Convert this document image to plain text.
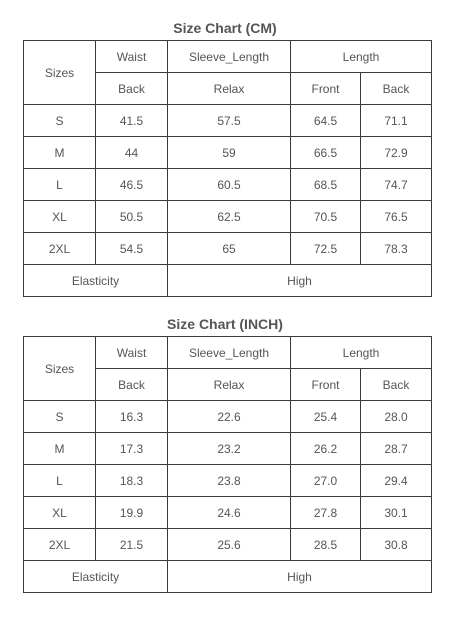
Size Chart (CM)
Sizes	Waist	Sleeve_Length	Length	
	Back	Relax	Front	Back
S	41.5	57.5	64.5	71.1
M	44	59	66.5	72.9
L	46.5	60.5	68.5	74.7
XL	50.5	62.5	70.5	76.5
2XL	54.5	65	72.5	78.3
Elasticity		High		
Size Chart (INCH)
Sizes	Waist	Sleeve_Length	Length	
	Back	Relax	Front	Back
S	16.3	22.6	25.4	28.0
M	17.3	23.2	26.2	28.7
L	18.3	23.8	27.0	29.4
XL	19.9	24.6	27.8	30.1
2XL	21.5	25.6	28.5	30.8
Elasticity		High		
